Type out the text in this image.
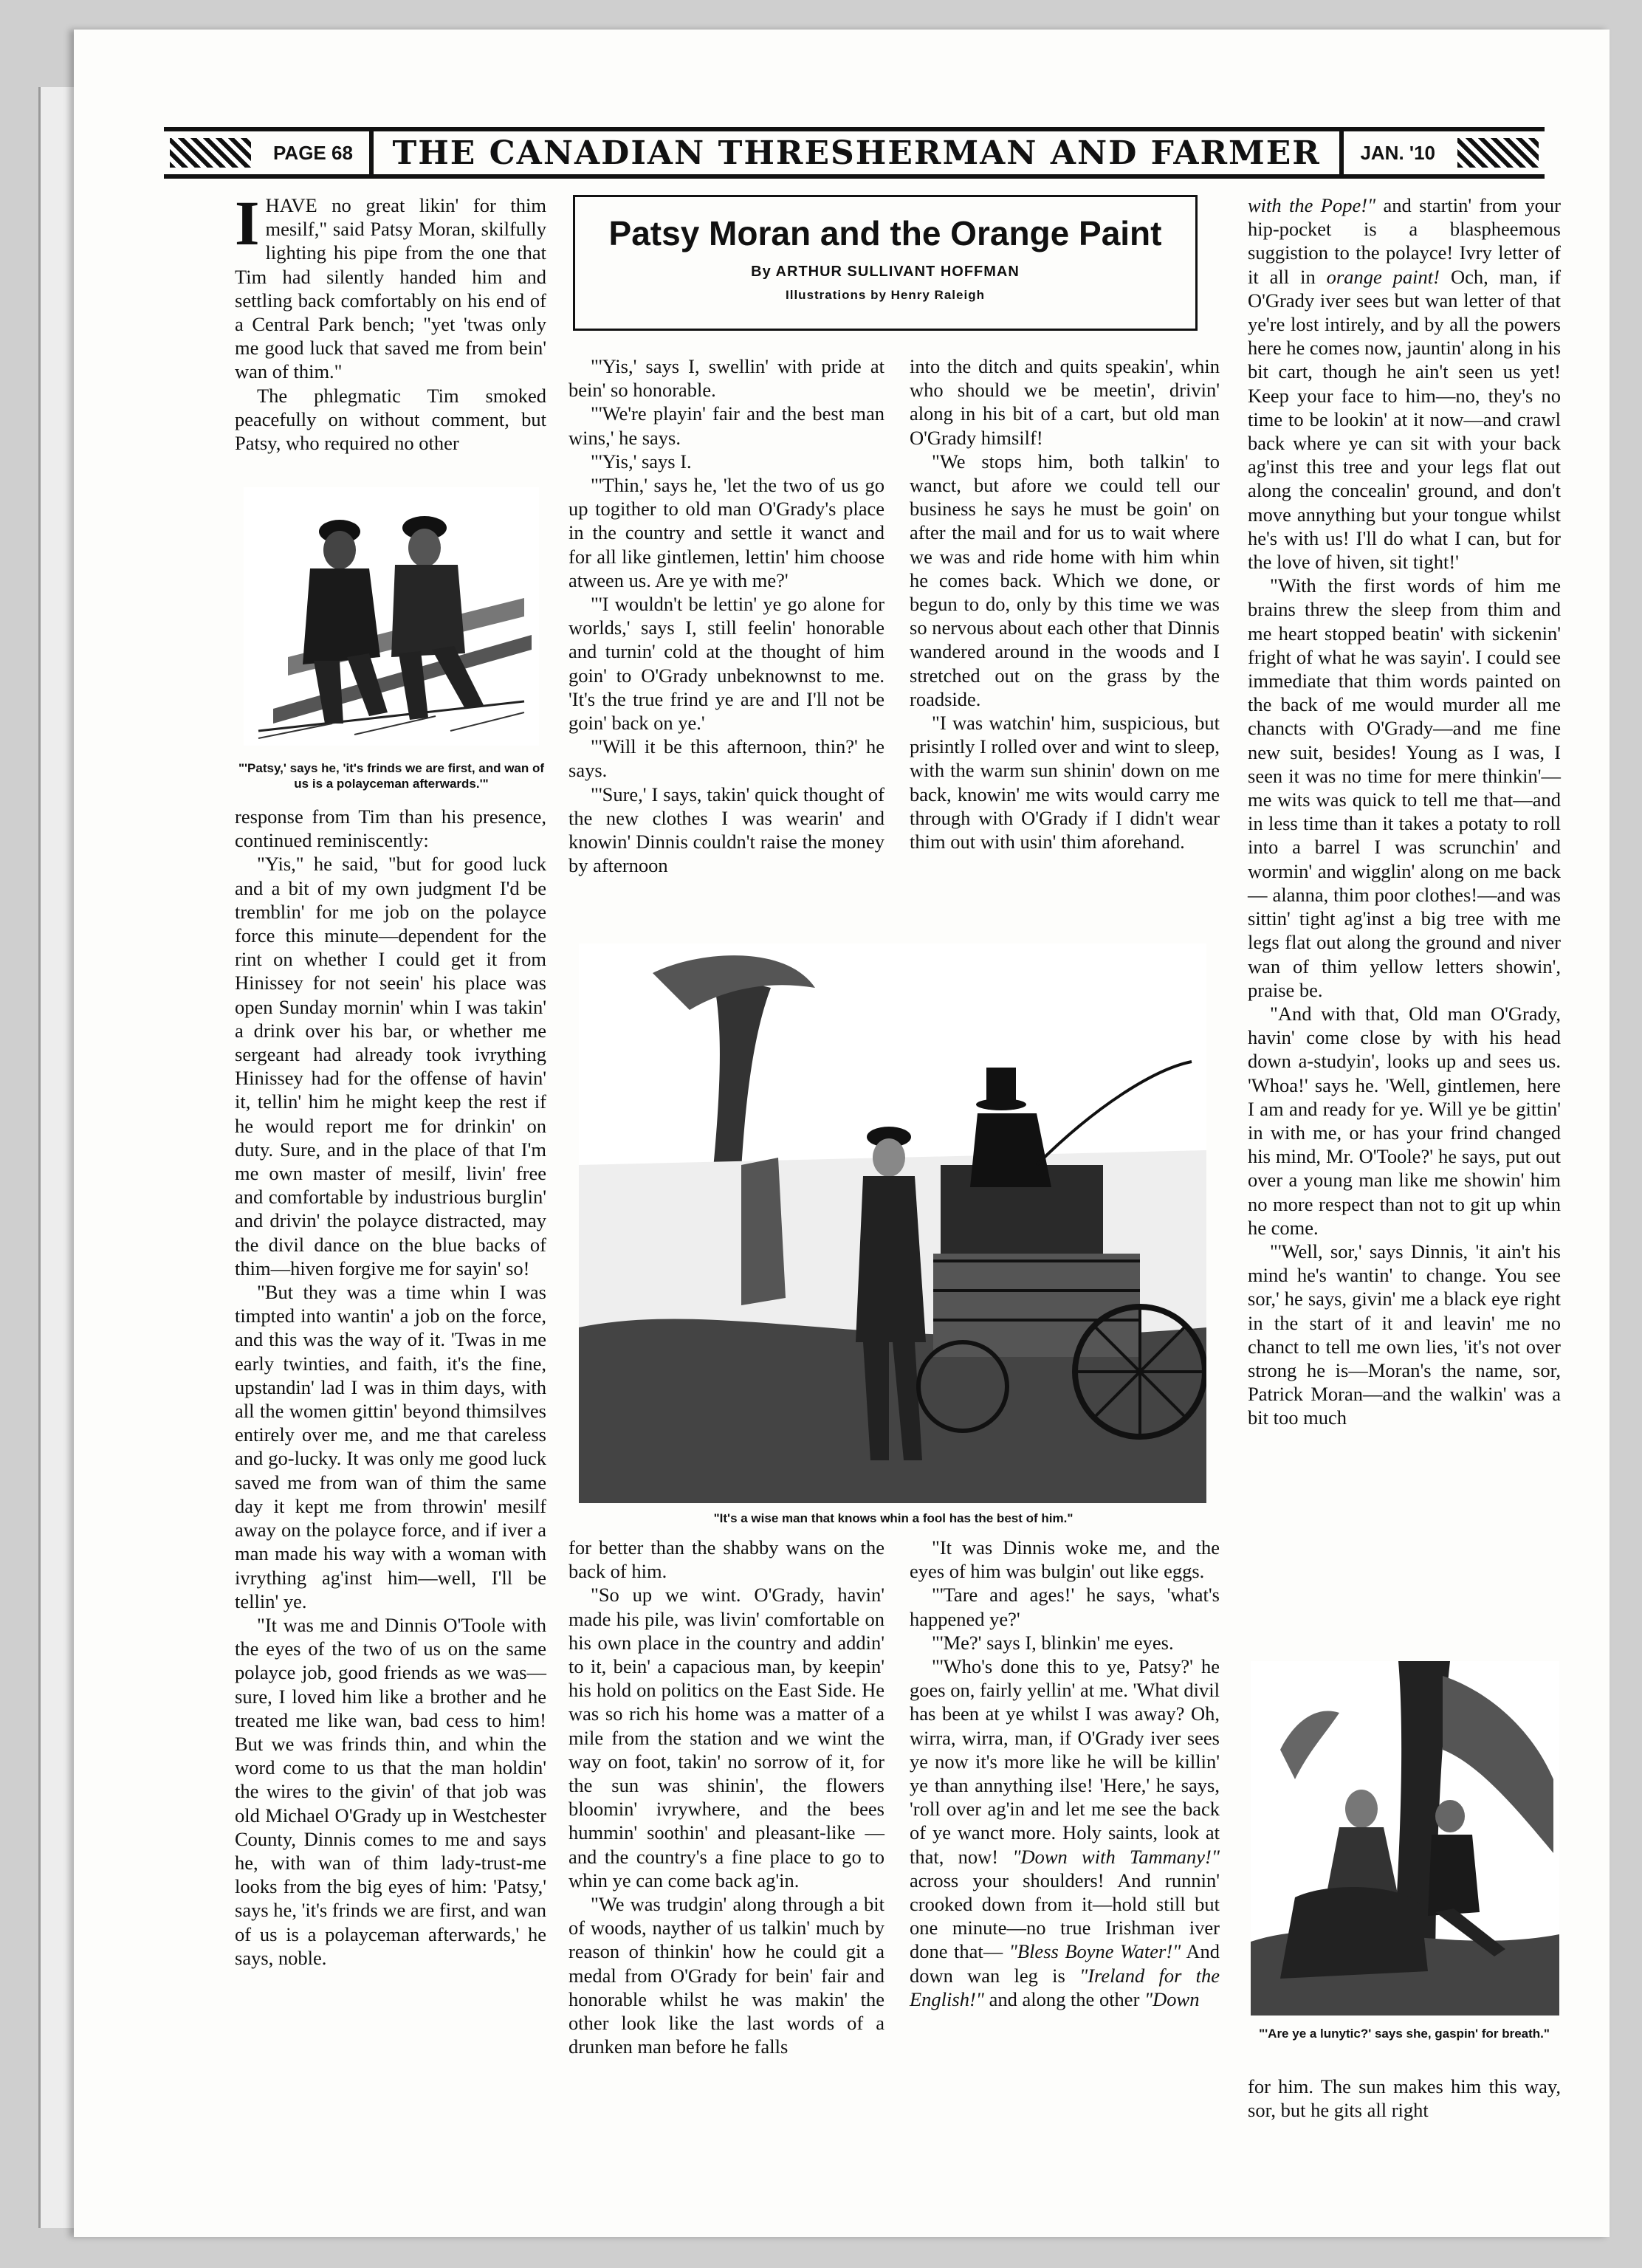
PAGE 68	THE CANADIAN THRESHERMAN AND FARMER	JAN. '10
Patsy Moran and the Orange Paint
By ARTHUR SULLIVANT HOFFMAN
Illustrations by Henry Raleigh

IHAVE no great likin' for thim mesilf," said Patsy Moran, skilfully lighting his pipe from the one that Tim had silently handed him and settling back comfortably on his end of a Central Park bench; "yet 'twas only me good luck that saved me from bein' wan of thim."

The phlegmatic Tim smoked peacefully on without comment, but Patsy, who required no other

"'Patsy,' says he, 'it's frinds we are first, and wan of us is a polayceman afterwards.'"

response from Tim than his presence, continued reminiscently:

"Yis," he said, "but for good luck and a bit of my own judgment I'd be tremblin' for me job on the polayce force this minute—dependent for the rint on whether I could get it from Hinissey for not seein' his place was open Sunday mornin' whin I was takin' a drink over his bar, or whether me sergeant had already took ivrything Hinissey had for the offense of havin' it, tellin' him he might keep the rest if he would report me for drinkin' on duty. Sure, and in the place of that I'm me own master of mesilf, livin' free and comfortable by industrious burglin' and drivin' the polayce distracted, may the divil dance on the blue backs of thim—hiven forgive me for sayin' so!

"But they was a time whin I was timpted into wantin' a job on the force, and this was the way of it. 'Twas in me early twinties, and faith, it's the fine, upstandin' lad I was in thim days, with all the women gittin' beyond thimsilves entirely over me, and me that careless and go-lucky. It was only me good luck saved me from wan of thim the same day it kept me from throwin' mesilf away on the polayce force, and if iver a man made his way with a woman with ivrything ag'inst him—well, I'll be tellin' ye.

"It was me and Dinnis O'Toole with the eyes of the two of us on the same polayce job, good friends as we was—sure, I loved him like a brother and he treated me like wan, bad cess to him! But we was frinds thin, and whin the word come to us that the man holdin' the wires to the givin' of that job was old Michael O'Grady up in Westchester County, Dinnis comes to me and says he, with wan of thim lady-trust-me looks from the big eyes of him: 'Patsy,' says he, 'it's frinds we are first, and wan of us is a polayceman afterwards,' he says, noble.

"'Yis,' says I, swellin' with pride at bein' so honorable.

"'We're playin' fair and the best man wins,' he says.

"'Yis,' says I.

"'Thin,' says he, 'let the two of us go up togither to old man O'Grady's place in the country and settle it wanct and for all like gintlemen, lettin' him choose atween us. Are ye with me?'

"'I wouldn't be lettin' ye go alone for worlds,' says I, still feelin' honorable and turnin' cold at the thought of him goin' to O'Grady unbeknownst to me. 'It's the true frind ye are and I'll not be goin' back on ye.'

"'Will it be this afternoon, thin?' he says.

"'Sure,' I says, takin' quick thought of the new clothes I was wearin' and knowin' Dinnis couldn't raise the money by afternoon

into the ditch and quits speakin', whin who should we be meetin', drivin' along in his bit of a cart, but old man O'Grady himsilf!

"We stops him, both talkin' to wanct, but afore we could tell our business he says he must be goin' on after the mail and for us to wait where we was and ride home with him whin he comes back. Which we done, or begun to do, only by this time we was so nervous about each other that Dinnis wandered around in the woods and I stretched out on the grass by the roadside.

"I was watchin' him, suspicious, but prisintly I rolled over and wint to sleep, with the warm sun shinin' down on me back, knowin' me wits would carry me through with O'Grady if I didn't wear thim out with usin' thim aforehand.

"It's a wise man that knows whin a fool has the best of him."

for better than the shabby wans on the back of him.

"So up we wint. O'Grady, havin' made his pile, was livin' comfortable on his own place in the country and addin' to it, bein' a capacious man, by keepin' his hold on politics on the East Side. He was so rich his home was a matter of a mile from the station and we wint the way on foot, takin' no sorrow of it, for the sun was shinin', the flowers bloomin' ivrywhere, and the bees hummin' soothin' and pleasant-like — and the country's a fine place to go to whin ye can come back ag'in.

"We was trudgin' along through a bit of woods, nayther of us talkin' much by reason of thinkin' how he could git a medal from O'Grady for bein' fair and honorable whilst he was makin' the other look like the last words of a drunken man before he falls

"It was Dinnis woke me, and the eyes of him was bulgin' out like eggs.

"'Tare and ages!' he says, 'what's happened ye?'

"'Me?' says I, blinkin' me eyes.

"'Who's done this to ye, Patsy?' he goes on, fairly yellin' at me. 'What divil has been at ye whilst I was away? Oh, wirra, wirra, man, if O'Grady iver sees ye now it's more like he will be killin' ye than annything ilse! 'Here,' he says, 'roll over ag'in and let me see the back of ye wanct more. Holy saints, look at that, now! "Down with Tammany!" across your shoulders! And runnin' crooked down from it—hold still but one minute—no true Irishman iver done that— "Bless Boyne Water!" And down wan leg is "Ireland for the English!" and along the other "Down

with the Pope!" and startin' from your hip-pocket is a blaspheemous suggistion to the polayce! Ivry letter of it all in orange paint! Och, man, if O'Grady iver sees but wan letter of that ye're lost intirely, and by all the powers here he comes now, jauntin' along in his bit cart, though he ain't seen us yet! Keep your face to him—no, they's no time to be lookin' at it now—and crawl back where ye can sit with your back ag'inst this tree and your legs flat out along the concealin' ground, and don't move annything but your tongue whilst he's with us! I'll do what I can, but for the love of hiven, sit tight!'

"With the first words of him me brains threw the sleep from thim and me heart stopped beatin' with sickenin' fright of what he was sayin'. I could see immediate that thim words painted on the back of me would murder all me chancts with O'Grady—and me fine new suit, besides! Young as I was, I seen it was no time for mere thinkin'—me wits was quick to tell me that—and in less time than it takes a potaty to roll into a barrel I was scrunchin' and wormin' and wigglin' along on me back — alanna, thim poor clothes!—and was sittin' tight ag'inst a big tree with me legs flat out along the ground and niver wan of thim yellow letters showin', praise be.

"And with that, Old man O'Grady, havin' come close by with his head down a-studyin', looks up and sees us. 'Whoa!' says he. 'Well, gintlemen, here I am and ready for ye. Will ye be gittin' in with me, or has your frind changed his mind, Mr. O'Toole?' he says, put out over a young man like me showin' him no more respect than not to git up whin he come.

"'Well, sor,' says Dinnis, 'it ain't his mind he's wantin' to change. You see sor,' he says, givin' me a black eye right in the start of it and leavin' me no chanct to tell me own lies, 'it's not over strong he is—Moran's the name, sor, Patrick Moran—and the walkin' was a bit too much

"'Are ye a lunytic?' says she, gaspin' for breath."

for him. The sun makes him this way, sor, but he gits all right
